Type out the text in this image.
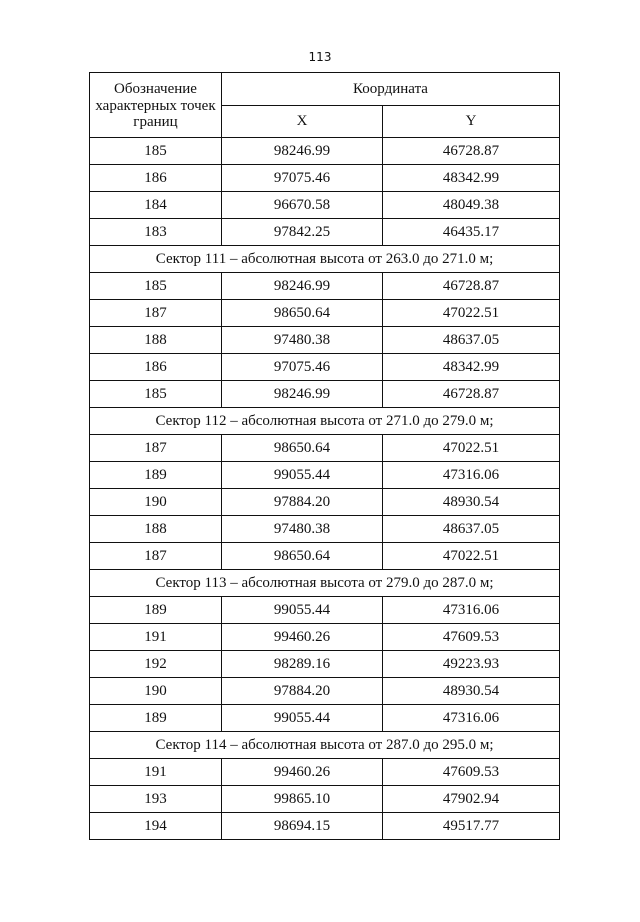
113
Обозначение характерных точек границ	Координата	
	X	Y
185	98246.99	46728.87
186	97075.46	48342.99
184	96670.58	48049.38
183	97842.25	46435.17
Сектор 111 – абсолютная высота от 263.0 до 271.0 м;		
185	98246.99	46728.87
187	98650.64	47022.51
188	97480.38	48637.05
186	97075.46	48342.99
185	98246.99	46728.87
Сектор 112 – абсолютная высота от 271.0 до 279.0 м;		
187	98650.64	47022.51
189	99055.44	47316.06
190	97884.20	48930.54
188	97480.38	48637.05
187	98650.64	47022.51
Сектор 113 – абсолютная высота от 279.0 до 287.0 м;		
189	99055.44	47316.06
191	99460.26	47609.53
192	98289.16	49223.93
190	97884.20	48930.54
189	99055.44	47316.06
Сектор 114 – абсолютная высота от 287.0 до 295.0 м;		
191	99460.26	47609.53
193	99865.10	47902.94
194	98694.15	49517.77
